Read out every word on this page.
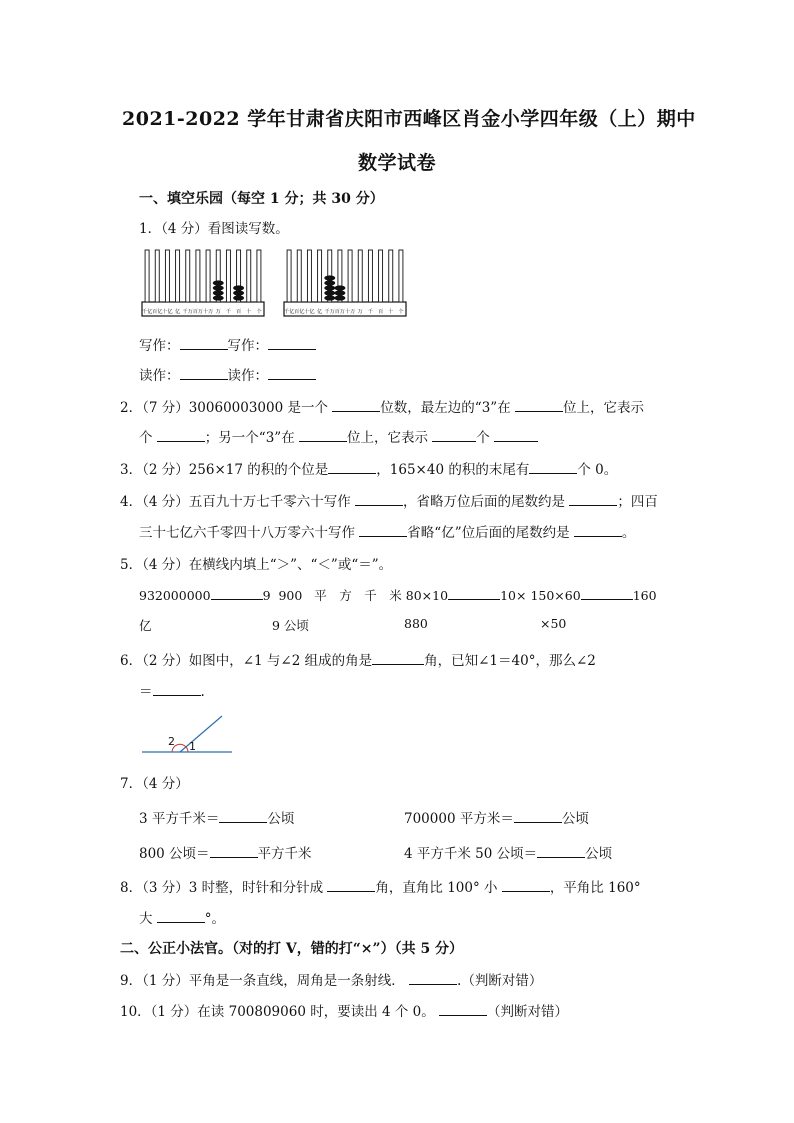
2021-2022 学年甘肃省庆阳市西峰区肖金小学四年级（上）期中
数学试卷
一、填空乐园（每空 1 分；共 30 分）
1．（4 分）看图读写数。
千亿 百亿 十亿 亿 千万 百万 十万 万 千 百 十 个	千亿 百亿 十亿 亿 千万 百万 十万 万 千 百 十 个
写作：	写作：
读作：	读作：
2．（7 分）30060003000 是一个	位数，最左边的“3”在	位上，它表示
个	；另一个“3”在	位上，它表示	个
3．（2 分）256×17 的积的个位是	，165×40 的积的末尾有	个 0。
4．（4 分）五百九十万七千零六十写作	，省略万位后面的尾数约是	；四百
三十七亿六千零四十八万零六十写作	省略“亿”位后面的尾数约是	。
5．（4 分）在横线内填上“＞”、“＜”或“＝”。
932000000	9 900 平　方　千　米 80×10	10× 150×60	160
亿	9 公顷	880	×50
6．（2 分）如图中，∠1 与∠2 组成的角是	角，已知∠1＝40°，那么∠2
＝	.
1
2
7．（4 分）
3 平方千米＝	公顷	700000 平方米＝	公顷
800 公顷＝	平方千米	4 平方千米 50 公顷＝	公顷
8．（3 分）3 时整，时针和分针成	角，直角比 100° 小	，平角比 160°
大	°。
二、公正小法官。（对的打 V，错的打“×”）（共 5 分）
9．（1 分）平角是一条直线，周角是一条射线．	.（判断对错）
10．（1 分）在读 700809060 时，要读出 4 个 0。	（判断对错）
